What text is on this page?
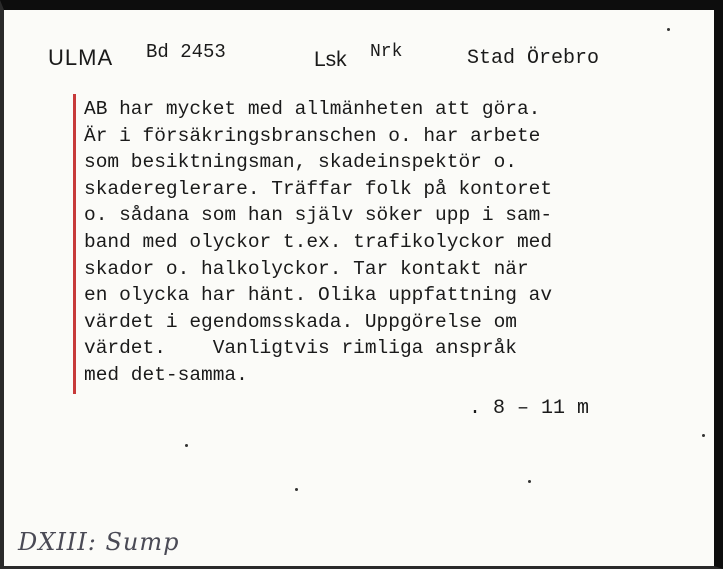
ULMA Bd 2453	Lsk Nrk	Stad Örebro
AB har mycket med allmänheten att göra.
Är i försäkringsbranschen o. har arbete
som besiktningsman, skadeinspektör o.
skadereglerare. Träffar folk på kontoret
o. sådana som han själv söker upp i sam-
band med olyckor t.ex. trafikolyckor med
skador o. halkolyckor. Tar kontakt när
en olycka har hänt. Olika uppfattning av
värdet i egendomsskada. Uppgörelse om
värdet.    Vanligtvis rimliga anspråk
med det-samma.
. 8 – 11 m
DXIII: Sump
